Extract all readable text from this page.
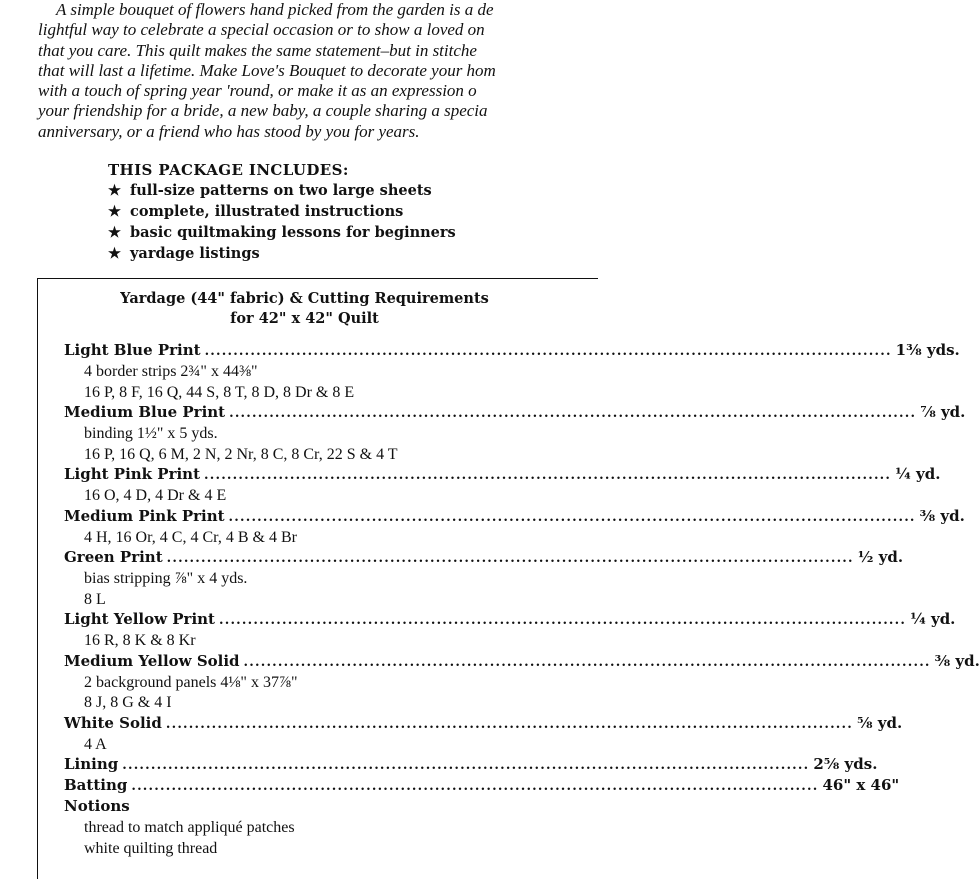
A simple bouquet of flowers hand picked from the garden is a de
lightful way to celebrate a special occasion or to show a loved on
that you care. This quilt makes the same statement–but in stitche
that will last a lifetime. Make Love's Bouquet to decorate your hom
with a touch of spring year 'round, or make it as an expression o
your friendship for a bride, a new baby, a couple sharing a specia
anniversary, or a friend who has stood by you for years.
THIS PACKAGE INCLUDES:
★ full-size patterns on two large sheets
★ complete, illustrated instructions
★ basic quiltmaking lessons for beginners
★ yardage listings
Yardage (44" fabric) & Cutting Requirements
for 42" x 42" Quilt
Light Blue Print ........................................................................................................................ 1⅜ yds.
4 border strips 2¾" x 44⅜"
16 P, 8 F, 16 Q, 44 S, 8 T, 8 D, 8 Dr & 8 E
Medium Blue Print ........................................................................................................................ ⅞ yd.
binding 1½" x 5 yds.
16 P, 16 Q, 6 M, 2 N, 2 Nr, 8 C, 8 Cr, 22 S & 4 T
Light Pink Print ........................................................................................................................ ¼ yd.
16 O, 4 D, 4 Dr & 4 E
Medium Pink Print ........................................................................................................................ ⅜ yd.
4 H, 16 Or, 4 C, 4 Cr, 4 B & 4 Br
Green Print ........................................................................................................................ ½ yd.
bias stripping ⅞" x 4 yds.
8 L
Light Yellow Print ........................................................................................................................ ¼ yd.
16 R, 8 K & 8 Kr
Medium Yellow Solid ........................................................................................................................ ⅜ yd.
2 background panels 4⅛" x 37⅞"
8 J, 8 G & 4 I
White Solid ........................................................................................................................ ⅝ yd.
4 A
Lining ........................................................................................................................ 2⅝ yds.
Batting ........................................................................................................................ 46" x 46"
Notions
thread to match appliqué patches
white quilting thread
